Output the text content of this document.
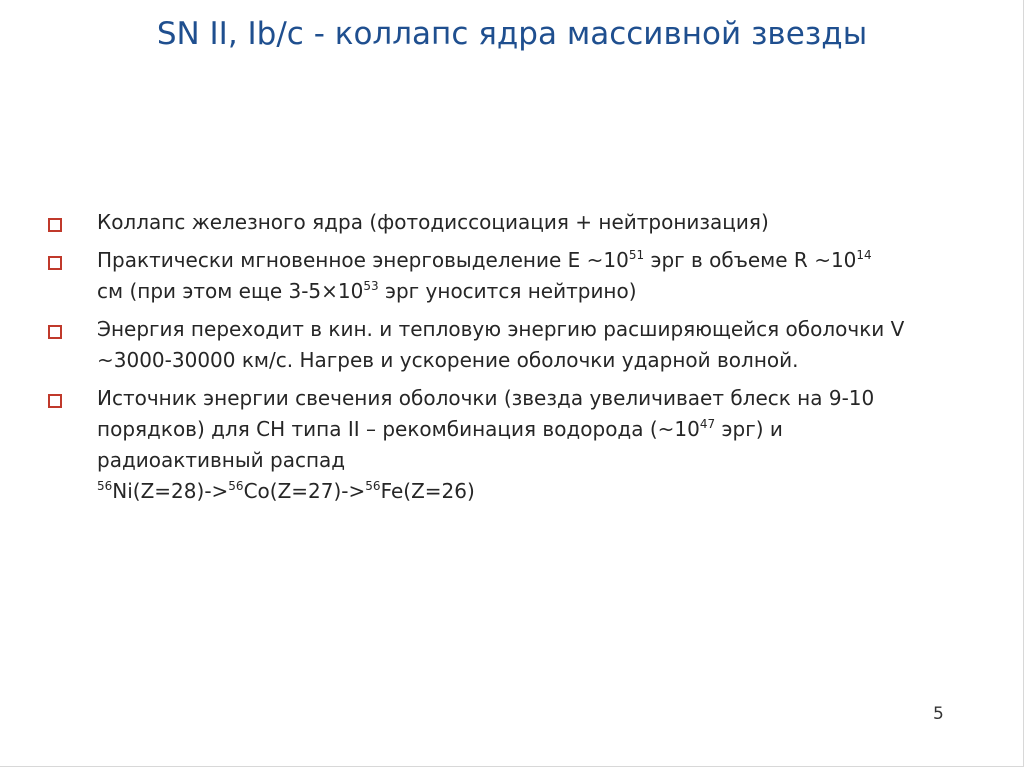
SN II, Ib/c - коллапс ядра массивной звезды
Коллапс железного ядра (фотодиссоциация + нейтронизация)
Практически мгновенное энерговыделение E $\sim 10^{51}$ эрг в объеме R $\sim 10^{14}$
см (при этом еще $3-5\times 10^{53}$ эрг уносится нейтрино)
Энергия переходит в кин. и тепловую энергию расширяющейся оболочки V ~3000-30000 км/с. Нагрев и ускорение оболочки ударной волной.
Источник энергии свечения оболочки (звезда увеличивает блеск на 9-10 порядков) для СН типа II – рекомбинация водорода ($\sim 10^{47}$ эрг) и радиоактивный распад
$^{56}$Ni(Z=28)->$^{56}$Co(Z=27)->$^{56}$Fe(Z=26)
5
